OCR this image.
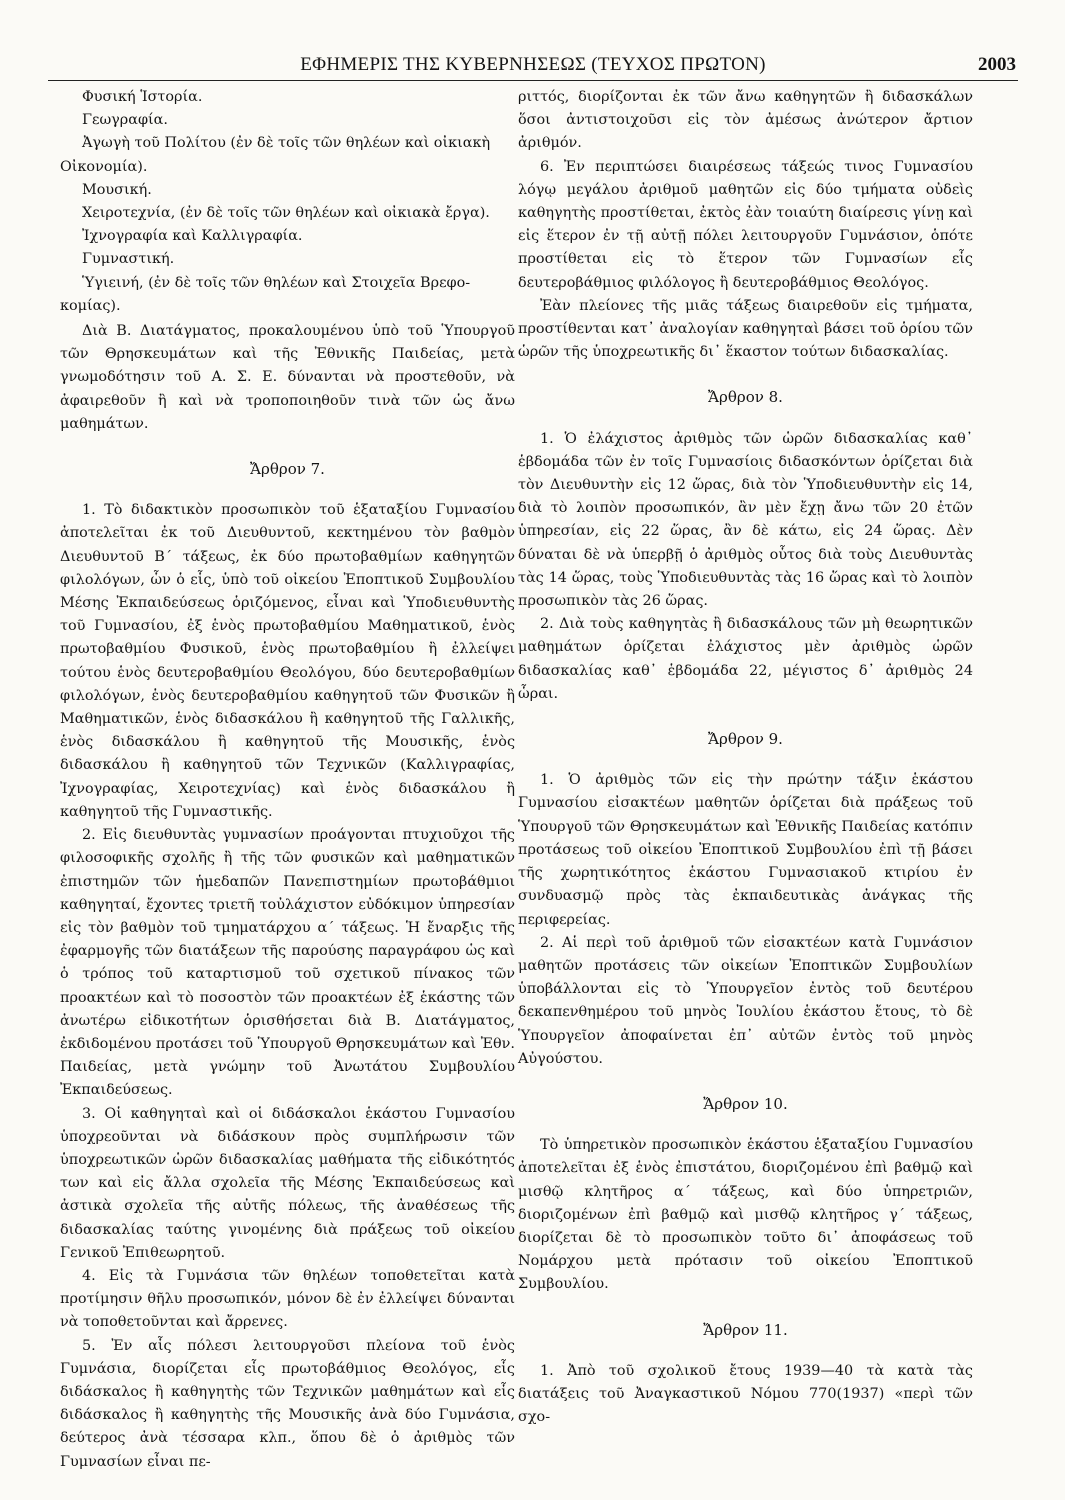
ΕΦΗΜΕΡΙΣ ΤΗΣ ΚΥΒΕΡΝΗΣΕΩΣ (ΤΕΥΧΟΣ ΠΡΩΤΟΝ)	2003

Φυσική Ἱστορία.

Γεωγραφία.

Ἀγωγὴ τοῦ Πολίτου (ἐν δὲ τοῖς τῶν θηλέων καὶ οἰκιακὴ

Οἰκονομία).

Μουσική.

Χειροτεχνία, (ἐν δὲ τοῖς τῶν θηλέων καὶ οἰκιακὰ ἔργα).

Ἰχνογραφία καὶ Καλλιγραφία.

Γυμναστική.

Ὑγιεινή, (ἐν δὲ τοῖς τῶν θηλέων καὶ Στοιχεῖα Βρεφο-

κομίας).

Διὰ Β. Διατάγματος, προκαλουμένου ὑπὸ τοῦ Ὑπουργοῦ τῶν Θρησκευμάτων καὶ τῆς Ἐθνικῆς Παιδείας, μετὰ γνωμοδότησιν τοῦ Α. Σ. Ε. δύνανται νὰ προστεθοῦν, νὰ ἀφαιρεθοῦν ἢ καὶ νὰ τροποποιηθοῦν τινὰ τῶν ὡς ἄνω μαθημάτων.

Ἄρθρον 7.

1. Τὸ διδακτικὸν προσωπικὸν τοῦ ἑξαταξίου Γυμνασίου ἀποτελεῖται ἐκ τοῦ Διευθυντοῦ, κεκτημένου τὸν βαθμὸν Διευθυντοῦ Β΄ τάξεως, ἐκ δύο πρωτοβαθμίων καθηγητῶν φιλολόγων, ὧν ὁ εἷς, ὑπὸ τοῦ οἰκείου Ἐποπτικοῦ Συμβουλίου Μέσης Ἐκπαιδεύσεως ὁριζόμενος, εἶναι καὶ Ὑποδιευθυντὴς τοῦ Γυμνασίου, ἐξ ἑνὸς πρωτοβαθμίου Μαθηματικοῦ, ἑνὸς πρωτοβαθμίου Φυσικοῦ, ἑνὸς πρωτοβαθμίου ἢ ἐλλείψει τούτου ἑνὸς δευτεροβαθμίου Θεολόγου, δύο δευτεροβαθμίων φιλολόγων, ἑνὸς δευτεροβαθμίου καθηγητοῦ τῶν Φυσικῶν ἢ Μαθηματικῶν, ἑνὸς διδασκάλου ἢ καθηγητοῦ τῆς Γαλλικῆς, ἑνὸς διδασκάλου ἢ καθηγητοῦ τῆς Μουσικῆς, ἑνὸς διδασκάλου ἢ καθηγητοῦ τῶν Τεχνικῶν (Καλλιγραφίας, Ἰχνογραφίας, Χειροτεχνίας) καὶ ἑνὸς διδασκάλου ἢ καθηγητοῦ τῆς Γυμναστικῆς.

2. Εἰς διευθυντὰς γυμνασίων προάγονται πτυχιοῦχοι τῆς φιλοσοφικῆς σχολῆς ἢ τῆς τῶν φυσικῶν καὶ μαθηματικῶν ἐπιστημῶν τῶν ἡμεδαπῶν Πανεπιστημίων πρωτοβάθμιοι καθηγηταί, ἔχοντες τριετῆ τοὐλάχιστον εὐδόκιμον ὑπηρεσίαν εἰς τὸν βαθμὸν τοῦ τμηματάρχου α΄ τάξεως. Ἡ ἔναρξις τῆς ἐφαρμογῆς τῶν διατάξεων τῆς παρούσης παραγράφου ὡς καὶ ὁ τρόπος τοῦ καταρτισμοῦ τοῦ σχετικοῦ πίνακος τῶν προακτέων καὶ τὸ ποσοστὸν τῶν προακτέων ἐξ ἑκάστης τῶν ἀνωτέρω εἰδικοτήτων ὁρισθήσεται διὰ Β. Διατάγματος, ἐκδιδομένου προτάσει τοῦ Ὑπουργοῦ Θρησκευμάτων καὶ Ἐθν. Παιδείας, μετὰ γνώμην τοῦ Ἀνωτάτου Συμβουλίου Ἐκπαιδεύσεως.

3. Οἱ καθηγηταὶ καὶ οἱ διδάσκαλοι ἑκάστου Γυμνασίου ὑποχρεοῦνται νὰ διδάσκουν πρὸς συμπλήρωσιν τῶν ὑποχρεωτικῶν ὡρῶν διδασκαλίας μαθήματα τῆς εἰδικότητός των καὶ εἰς ἄλλα σχολεῖα τῆς Μέσης Ἐκπαιδεύσεως καὶ ἀστικὰ σχολεῖα τῆς αὐτῆς πόλεως, τῆς ἀναθέσεως τῆς διδασκαλίας ταύτης γινομένης διὰ πράξεως τοῦ οἰκείου Γενικοῦ Ἐπιθεωρητοῦ.

4. Εἰς τὰ Γυμνάσια τῶν θηλέων τοποθετεῖται κατὰ προτίμησιν θῆλυ προσωπικόν, μόνον δὲ ἐν ἐλλείψει δύνανται νὰ τοποθετοῦνται καὶ ἄρρενες.

5. Ἐν αἷς πόλεσι λειτουργοῦσι πλείονα τοῦ ἑνὸς Γυμνάσια, διορίζεται εἷς πρωτοβάθμιος Θεολόγος, εἷς διδάσκαλος ἢ καθηγητὴς τῶν Τεχνικῶν μαθημάτων καὶ εἷς διδάσκαλος ἢ καθηγητὴς τῆς Μουσικῆς ἀνὰ δύο Γυμνάσια, δεύτερος ἀνὰ τέσσαρα κλπ., ὅπου δὲ ὁ ἀριθμὸς τῶν Γυμνασίων εἶναι πε-

ριττός, διορίζονται ἐκ τῶν ἄνω καθηγητῶν ἢ διδασκάλων ὅσοι ἀντιστοιχοῦσι εἰς τὸν ἀμέσως ἀνώτερον ἄρτιον ἀριθμόν.

6. Ἐν περιπτώσει διαιρέσεως τάξεώς τινος Γυμνασίου λόγῳ μεγάλου ἀριθμοῦ μαθητῶν εἰς δύο τμήματα οὐδεὶς καθηγητὴς προστίθεται, ἐκτὸς ἐὰν τοιαύτη διαίρεσις γίνῃ καὶ εἰς ἕτερον ἐν τῇ αὐτῇ πόλει λειτουργοῦν Γυμνάσιον, ὁπότε προστίθεται εἰς τὸ ἕτερον τῶν Γυμνασίων εἷς δευτεροβάθμιος φιλόλογος ἢ δευτεροβάθμιος Θεολόγος.

Ἐὰν πλείονες τῆς μιᾶς τάξεως διαιρεθοῦν εἰς τμήματα, προστίθενται κατ᾽ ἀναλογίαν καθηγηταὶ βάσει τοῦ ὁρίου τῶν ὡρῶν τῆς ὑποχρεωτικῆς δι᾽ ἕκαστον τούτων διδασκαλίας.

Ἄρθρον 8.

1. Ὁ ἐλάχιστος ἀριθμὸς τῶν ὡρῶν διδασκαλίας καθ᾽ ἑβδομάδα τῶν ἐν τοῖς Γυμνασίοις διδασκόντων ὁρίζεται διὰ τὸν Διευθυντὴν εἰς 12 ὥρας, διὰ τὸν Ὑποδιευθυντὴν εἰς 14, διὰ τὸ λοιπὸν προσωπικόν, ἂν μὲν ἔχῃ ἄνω τῶν 20 ἐτῶν ὑπηρεσίαν, εἰς 22 ὥρας, ἂν δὲ κάτω, εἰς 24 ὥρας. Δὲν δύναται δὲ νὰ ὑπερβῇ ὁ ἀριθμὸς οὗτος διὰ τοὺς Διευθυντὰς τὰς 14 ὥρας, τοὺς Ὑποδιευθυντὰς τὰς 16 ὥρας καὶ τὸ λοιπὸν προσωπικὸν τὰς 26 ὥρας.

2. Διὰ τοὺς καθηγητὰς ἢ διδασκάλους τῶν μὴ θεωρητικῶν μαθημάτων ὁρίζεται ἐλάχιστος μὲν ἀριθμὸς ὡρῶν διδασκαλίας καθ᾽ ἑβδομάδα 22, μέγιστος δ᾽ ἀριθμὸς 24 ὧραι.

Ἄρθρον 9.

1. Ὁ ἀριθμὸς τῶν εἰς τὴν πρώτην τάξιν ἑκάστου Γυμνασίου εἰσακτέων μαθητῶν ὁρίζεται διὰ πράξεως τοῦ Ὑπουργοῦ τῶν Θρησκευμάτων καὶ Ἐθνικῆς Παιδείας κατόπιν προτάσεως τοῦ οἰκείου Ἐποπτικοῦ Συμβουλίου ἐπὶ τῇ βάσει τῆς χωρητικότητος ἑκάστου Γυμνασιακοῦ κτιρίου ἐν συνδυασμῷ πρὸς τὰς ἐκπαιδευτικὰς ἀνάγκας τῆς περιφερείας.

2. Αἱ περὶ τοῦ ἀριθμοῦ τῶν εἰσακτέων κατὰ Γυμνάσιον μαθητῶν προτάσεις τῶν οἰκείων Ἐποπτικῶν Συμβουλίων ὑποβάλλονται εἰς τὸ Ὑπουργεῖον ἐντὸς τοῦ δευτέρου δεκαπενθημέρου τοῦ μηνὸς Ἰουλίου ἑκάστου ἔτους, τὸ δὲ Ὑπουργεῖον ἀποφαίνεται ἐπ᾽ αὐτῶν ἐντὸς τοῦ μηνὸς Αὐγούστου.

Ἄρθρον 10.

Τὸ ὑπηρετικὸν προσωπικὸν ἑκάστου ἑξαταξίου Γυμνασίου ἀποτελεῖται ἐξ ἑνὸς ἐπιστάτου, διοριζομένου ἐπὶ βαθμῷ καὶ μισθῷ κλητῆρος α΄ τάξεως, καὶ δύο ὑπηρετριῶν, διοριζομένων ἐπὶ βαθμῷ καὶ μισθῷ κλητῆρος γ΄ τάξεως, διορίζεται δὲ τὸ προσωπικὸν τοῦτο δι᾽ ἀποφάσεως τοῦ Νομάρχου μετὰ πρότασιν τοῦ οἰκείου Ἐποπτικοῦ Συμβουλίου.

Ἄρθρον 11.

1. Ἀπὸ τοῦ σχολικοῦ ἔτους 1939—40 τὰ κατὰ τὰς διατάξεις τοῦ Ἀναγκαστικοῦ Νόμου 770(1937) «περὶ τῶν σχο-
